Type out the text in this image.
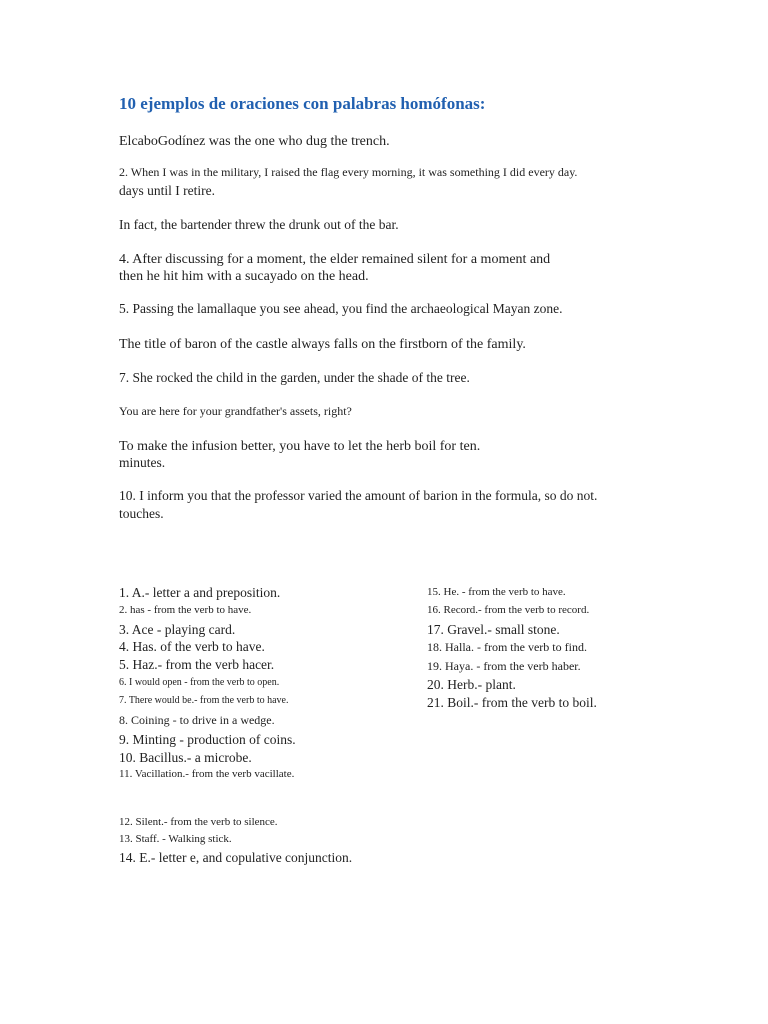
10 ejemplos de oraciones con palabras homófonas:
ElcaboGodínez was the one who dug the trench.
2. When I was in the military, I raised the flag every morning, it was something I did every day.
days until I retire.
In fact, the bartender threw the drunk out of the bar.
4. After discussing for a moment, the elder remained silent for a moment and
then he hit him with a sucayado on the head.
5. Passing the lamallaque you see ahead, you find the archaeological Mayan zone.
The title of baron of the castle always falls on the firstborn of the family.
7. She rocked the child in the garden, under the shade of the tree.
You are here for your grandfather's assets, right?
To make the infusion better, you have to let the herb boil for ten.
minutes.
10. I inform you that the professor varied the amount of barion in the formula, so do not.
touches.
1. A.- letter a and preposition.
2. has - from the verb to have.
3. Ace - playing card.
4. Has. of the verb to have.
5. Haz.- from the verb hacer.
6. I would open - from the verb to open.
7. There would be.- from the verb to have.
8. Coining - to drive in a wedge.
9. Minting - production of coins.
10. Bacillus.- a microbe.
11. Vacillation.- from the verb vacillate.
12. Silent.- from the verb to silence.
13. Staff. - Walking stick.
14. E.- letter e, and copulative conjunction.
15. He. - from the verb to have.
16. Record.- from the verb to record.
17. Gravel.- small stone.
18. Halla. - from the verb to find.
19. Haya. - from the verb haber.
20. Herb.- plant.
21. Boil.- from the verb to boil.
